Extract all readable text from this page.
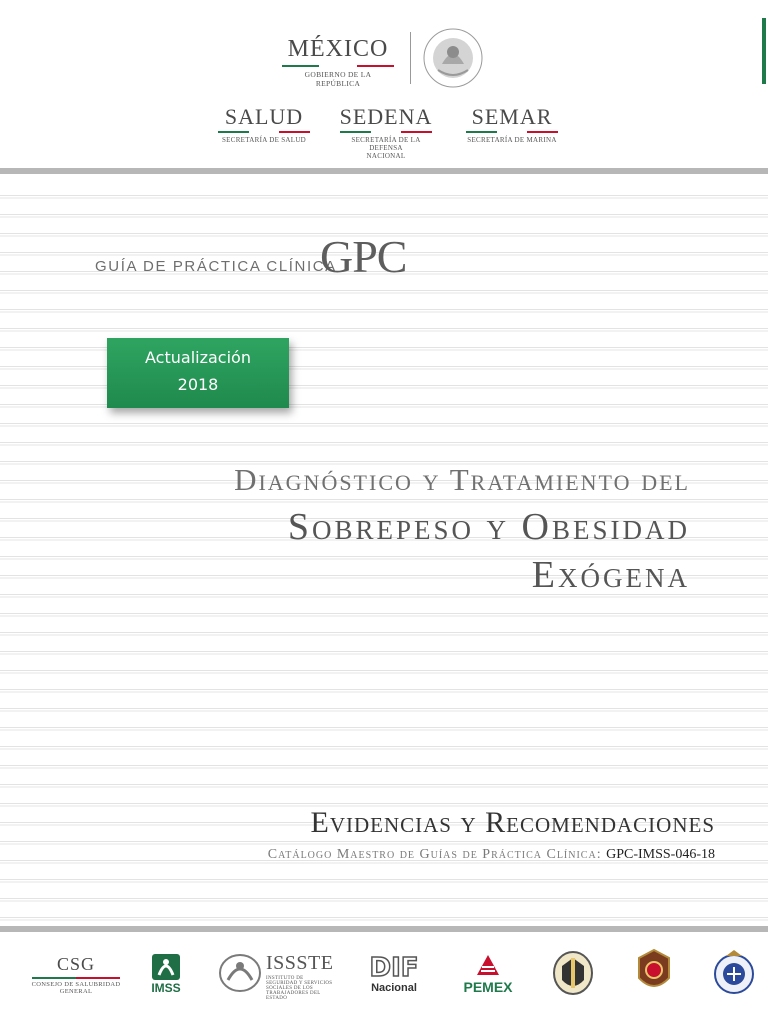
MÉXICO
GOBIERNO DE LA REPÚBLICA
SALUD
SECRETARÍA DE SALUD
SEDENA
SECRETARÍA DE LA DEFENSA NACIONAL
SEMAR
SECRETARÍA DE MARINA
GUÍA DE PRÁCTICA CLÍNICA
GPC
Actualización
2018
Diagnóstico y Tratamiento del
Sobrepeso y Obesidad
Exógena
Evidencias y Recomendaciones
Catálogo Maestro de Guías de Práctica Clínica: GPC-IMSS-046-18
CSG
CONSEJO DE SALUBRIDAD GENERAL	IMSS
ISSSTE
INSTITUTO DE SEGURIDAD Y SERVICIOS SOCIALES DE LOS TRABAJADORES DEL ESTADO
DIF
Nacional	PEMEX
